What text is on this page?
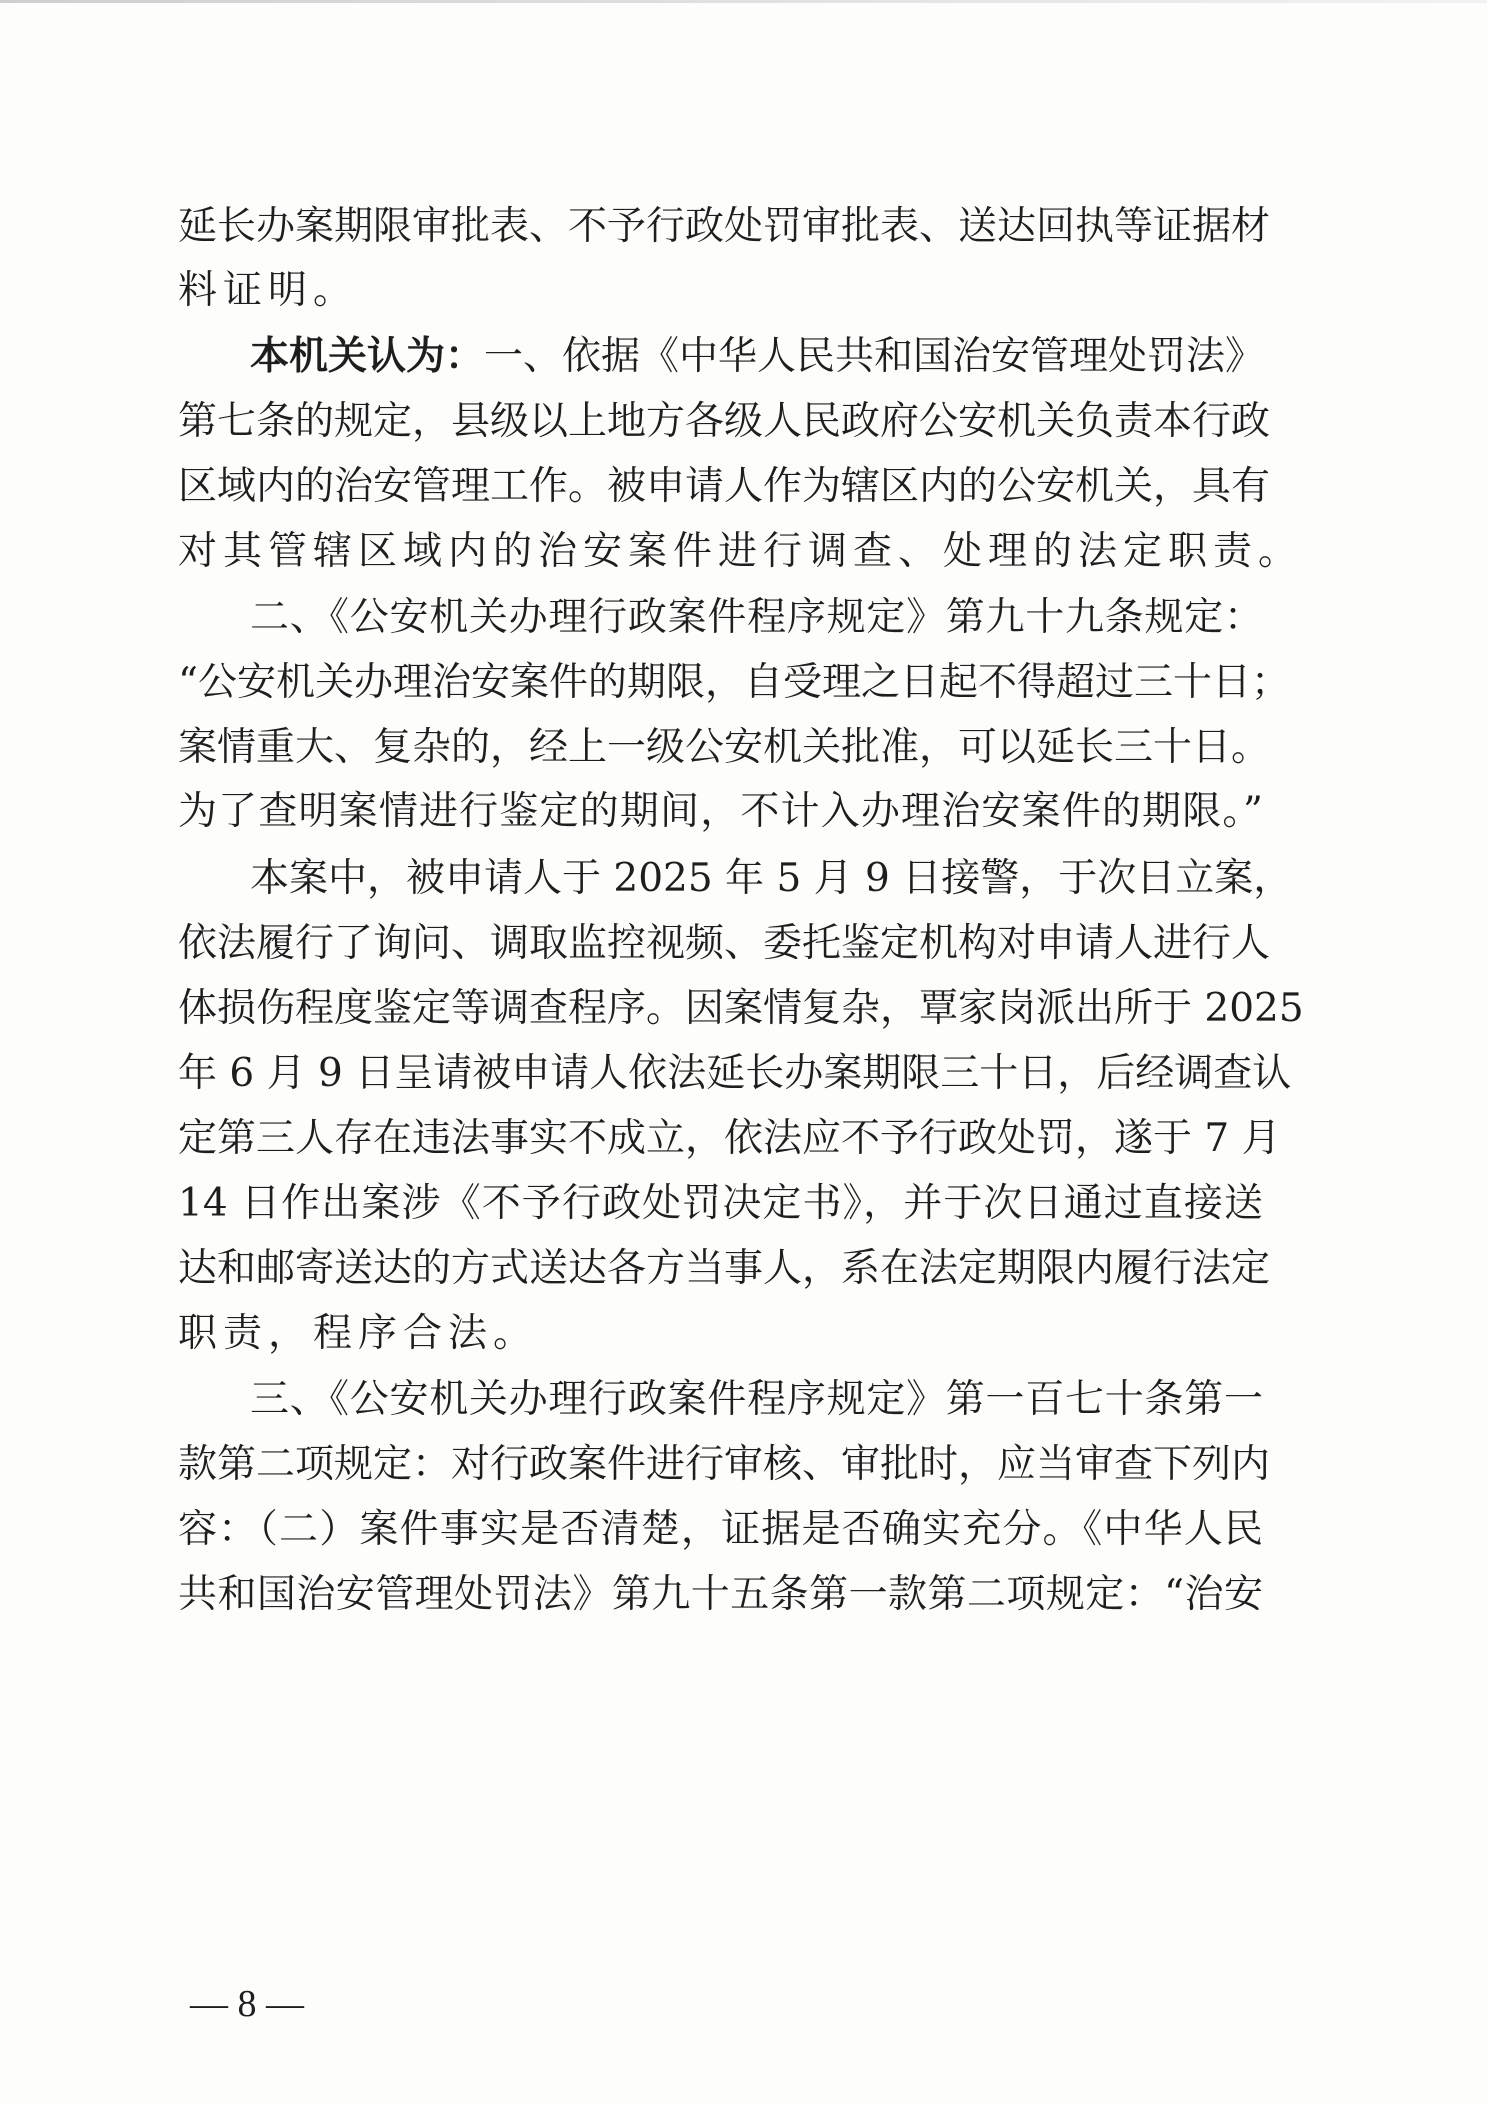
延长办案期限审批表、不予行政处罚审批表、送达回执等证据材
料证明。
本机关认为：一、依据《中华人民共和国治安管理处罚法》
第七条的规定，县级以上地方各级人民政府公安机关负责本行政
区域内的治安管理工作。被申请人作为辖区内的公安机关，具有
对其管辖区域内的治安案件进行调查、处理的法定职责。
二、《公安机关办理行政案件程序规定》第九十九条规定：
“公安机关办理治安案件的期限，自受理之日起不得超过三十日；
案情重大、复杂的，经上一级公安机关批准，可以延长三十日。
为了查明案情进行鉴定的期间，不计入办理治安案件的期限。”
本案中，被申请人于 2025 年 5 月 9 日接警，于次日立案，
依法履行了询问、调取监控视频、委托鉴定机构对申请人进行人
体损伤程度鉴定等调查程序。因案情复杂，覃家岗派出所于 2025
年 6 月 9 日呈请被申请人依法延长办案期限三十日，后经调查认
定第三人存在违法事实不成立，依法应不予行政处罚，遂于 7 月
14 日作出案涉《不予行政处罚决定书》，并于次日通过直接送
达和邮寄送达的方式送达各方当事人，系在法定期限内履行法定
职责，程序合法。
三、《公安机关办理行政案件程序规定》第一百七十条第一
款第二项规定：对行政案件进行审核、审批时，应当审查下列内
容：（二）案件事实是否清楚，证据是否确实充分。《中华人民
共和国治安管理处罚法》第九十五条第一款第二项规定：“治安
— 8 —
